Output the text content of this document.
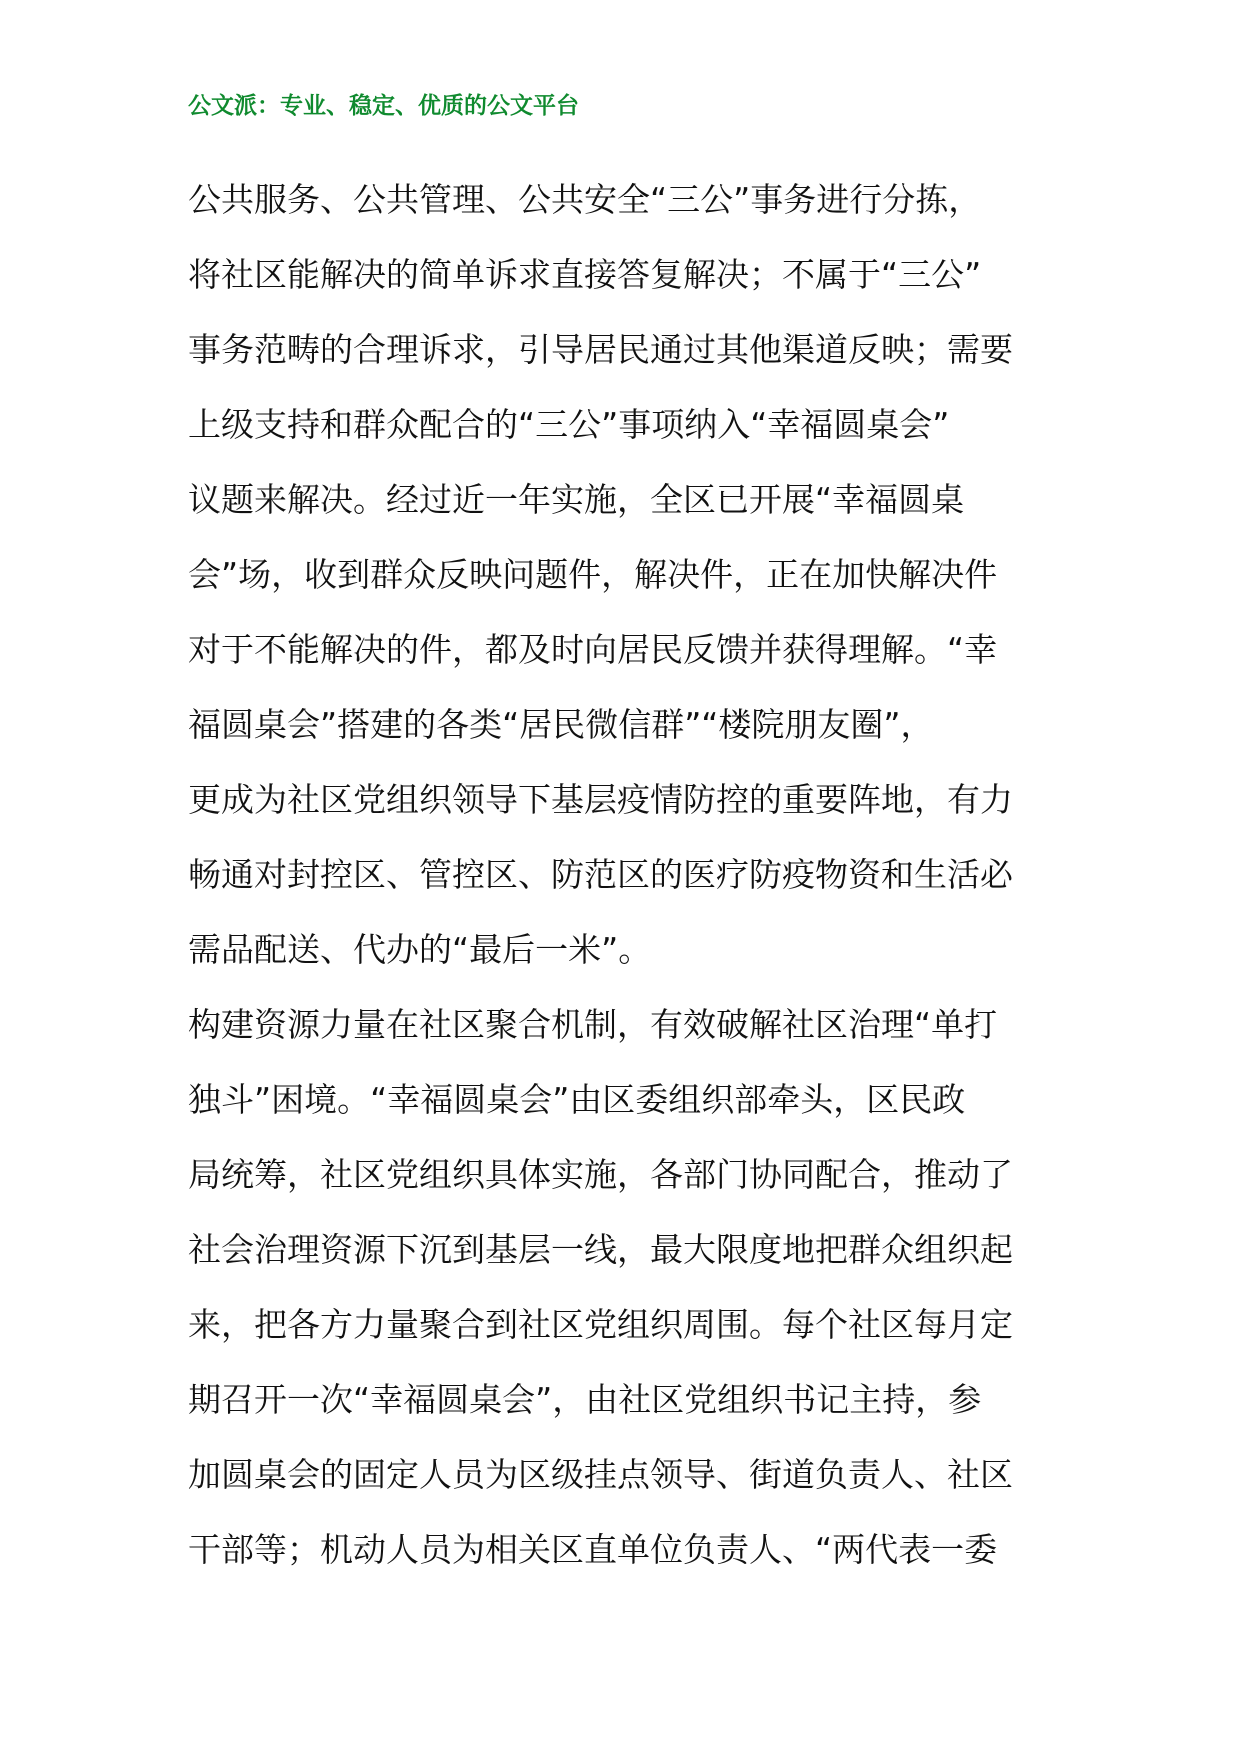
公文派：专业、稳定、优质的公文平台
公共服务、公共管理、公共安全“三公”事务进行分拣，
将社区能解决的简单诉求直接答复解决；不属于“三公”
事务范畴的合理诉求，引导居民通过其他渠道反映；需要
上级支持和群众配合的“三公”事项纳入“幸福圆桌会”
议题来解决。经过近一年实施，全区已开展“幸福圆桌
会”场，收到群众反映问题件，解决件，正在加快解决件
对于不能解决的件，都及时向居民反馈并获得理解。“幸
福圆桌会”搭建的各类“居民微信群”“楼院朋友圈”，
更成为社区党组织领导下基层疫情防控的重要阵地，有力
畅通对封控区、管控区、防范区的医疗防疫物资和生活必
需品配送、代办的“最后一米”。
构建资源力量在社区聚合机制，有效破解社区治理“单打
独斗”困境。“幸福圆桌会”由区委组织部牵头，区民政
局统筹，社区党组织具体实施，各部门协同配合，推动了
社会治理资源下沉到基层一线，最大限度地把群众组织起
来，把各方力量聚合到社区党组织周围。每个社区每月定
期召开一次“幸福圆桌会”，由社区党组织书记主持，参
加圆桌会的固定人员为区级挂点领导、街道负责人、社区
干部等；机动人员为相关区直单位负责人、“两代表一委
